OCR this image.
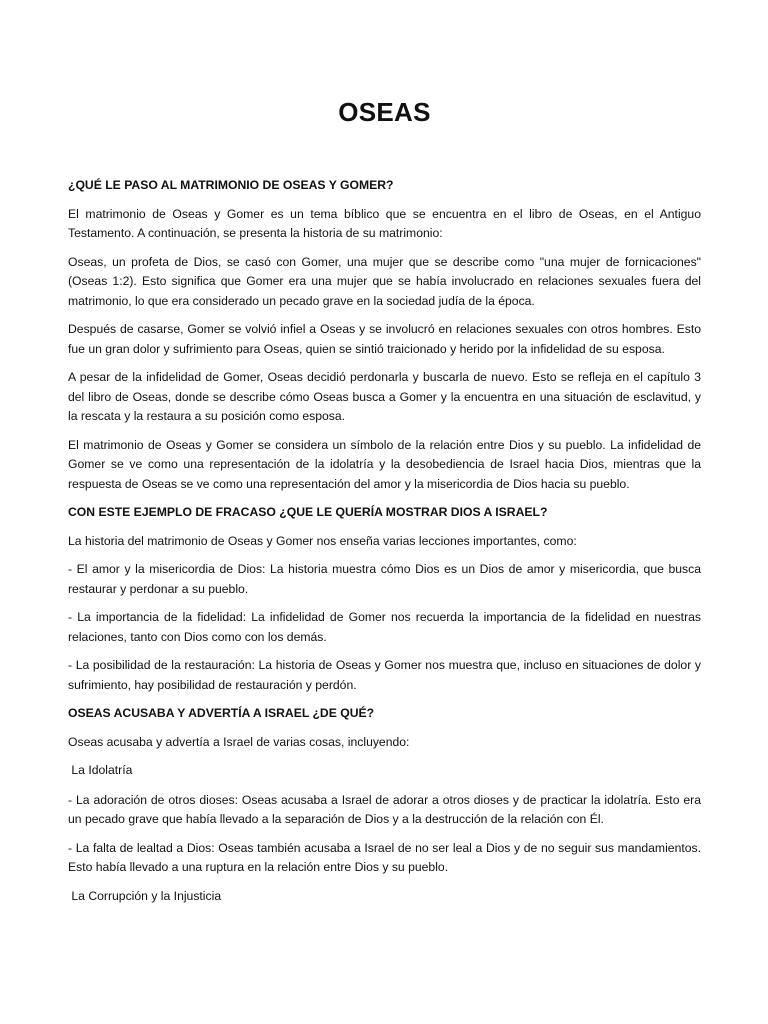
OSEAS

¿QUÉ LE PASO AL MATRIMONIO DE OSEAS Y GOMER?

El matrimonio de Oseas y Gomer es un tema bíblico que se encuentra en el libro de Oseas, en el Antiguo Testamento. A continuación, se presenta la historia de su matrimonio:

Oseas, un profeta de Dios, se casó con Gomer, una mujer que se describe como "una mujer de fornicaciones" (Oseas 1:2). Esto significa que Gomer era una mujer que se había involucrado en relaciones sexuales fuera del matrimonio, lo que era considerado un pecado grave en la sociedad judía de la época.

Después de casarse, Gomer se volvió infiel a Oseas y se involucró en relaciones sexuales con otros hombres. Esto fue un gran dolor y sufrimiento para Oseas, quien se sintió traicionado y herido por la infidelidad de su esposa.

A pesar de la infidelidad de Gomer, Oseas decidió perdonarla y buscarla de nuevo. Esto se refleja en el capítulo 3 del libro de Oseas, donde se describe cómo Oseas busca a Gomer y la encuentra en una situación de esclavitud, y la rescata y la restaura a su posición como esposa.

El matrimonio de Oseas y Gomer se considera un símbolo de la relación entre Dios y su pueblo. La infidelidad de Gomer se ve como una representación de la idolatría y la desobediencia de Israel hacia Dios, mientras que la respuesta de Oseas se ve como una representación del amor y la misericordia de Dios hacia su pueblo.

CON ESTE EJEMPLO DE FRACASO ¿QUE LE QUERÍA MOSTRAR DIOS A ISRAEL?

La historia del matrimonio de Oseas y Gomer nos enseña varias lecciones importantes, como:

- El amor y la misericordia de Dios: La historia muestra cómo Dios es un Dios de amor y misericordia, que busca restaurar y perdonar a su pueblo.

- La importancia de la fidelidad: La infidelidad de Gomer nos recuerda la importancia de la fidelidad en nuestras relaciones, tanto con Dios como con los demás.

- La posibilidad de la restauración: La historia de Oseas y Gomer nos muestra que, incluso en situaciones de dolor y sufrimiento, hay posibilidad de restauración y perdón.

OSEAS ACUSABA Y ADVERTÍA A ISRAEL ¿DE QUÉ?

Oseas acusaba y advertía a Israel de varias cosas, incluyendo:

La Idolatría

- La adoración de otros dioses: Oseas acusaba a Israel de adorar a otros dioses y de practicar la idolatría. Esto era un pecado grave que había llevado a la separación de Dios y a la destrucción de la relación con Él.

- La falta de lealtad a Dios: Oseas también acusaba a Israel de no ser leal a Dios y de no seguir sus mandamientos. Esto había llevado a una ruptura en la relación entre Dios y su pueblo.

La Corrupción y la Injusticia
